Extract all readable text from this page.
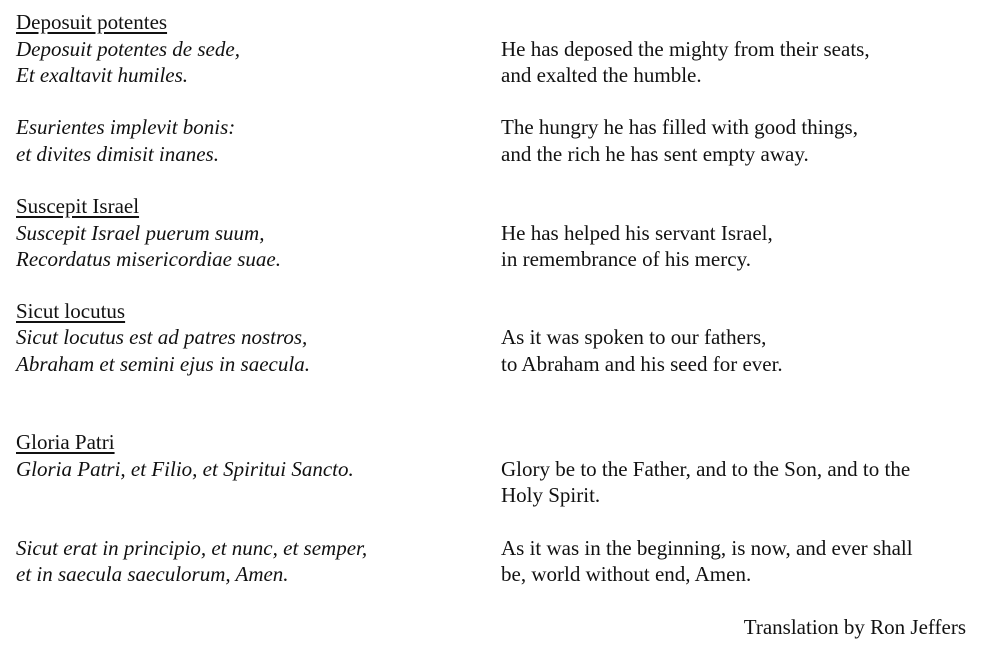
Deposuit potentes
Deposuit potentes de sede,	He has deposed the mighty from their seats,
Et exaltavit humiles.	and exalted the humble.
Esurientes implevit bonis:	The hungry he has filled with good things,
et divites dimisit inanes.	and the rich he has sent empty away.
Suscepit Israel
Suscepit Israel puerum suum,	He has helped his servant Israel,
Recordatus misericordiae suae.	in remembrance of his mercy.
Sicut locutus
Sicut locutus est ad patres nostros,	As it was spoken to our fathers,
Abraham et semini ejus in saecula.	to Abraham and his seed for ever.
Gloria Patri
Gloria Patri, et Filio, et Spiritui Sancto.	Glory be to the Father, and to the Son, and to the
Holy Spirit.
Sicut erat in principio, et nunc, et semper,	As it was in the beginning, is now, and ever shall
et in saecula saeculorum, Amen.	be, world without end, Amen.
Translation by Ron Jeffers
